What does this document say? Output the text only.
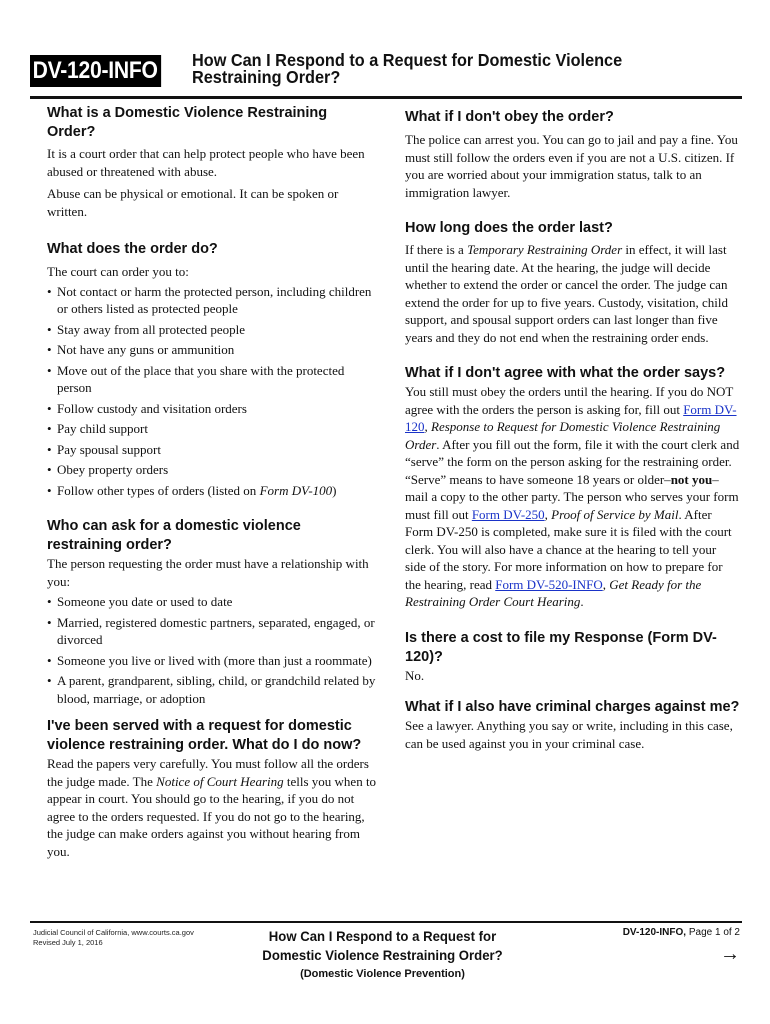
DV-120-INFO How Can I Respond to a Request for Domestic Violence
Restraining Order?
What is a Domestic Violence Restraining Order?

It is a court order that can help protect people who have been abused or threatened with abuse.

Abuse can be physical or emotional. It can be spoken or written.

What does the order do?

The court can order you to:

• Not contact or harm the protected person, including children or others listed as protected people
• Stay away from all protected people
• Not have any guns or ammunition
• Move out of the place that you share with the protected person
• Follow custody and visitation orders
• Pay child support
• Pay spousal support
• Obey property orders
• Follow other types of orders (listed on Form DV-100)
Who can ask for a domestic violence restraining order?

The person requesting the order must have a relationship with you:

• Someone you date or used to date
• Married, registered domestic partners, separated, engaged, or divorced
• Someone you live or lived with (more than just a roommate)
• A parent, grandparent, sibling, child, or grandchild related by blood, marriage, or adoption
I've been served with a request for domestic violence restraining order. What do I do now?

Read the papers very carefully. You must follow all the orders the judge made. The Notice of Court Hearing tells you when to appear in court. You should go to the hearing, if you do not agree to the orders requested. If you do not go to the hearing, the judge can make orders against you without hearing from you.

What if I don't obey the order?

The police can arrest you. You can go to jail and pay a fine. You must still follow the orders even if you are not a U.S. citizen. If you are worried about your immigration status, talk to an immigration lawyer.

How long does the order last?

If there is a Temporary Restraining Order in effect, it will last until the hearing date. At the hearing, the judge will decide whether to extend the order or cancel the order. The judge can extend the order for up to five years. Custody, visitation, child support, and spousal support orders can last longer than five years and they do not end when the restraining order ends.

What if I don't agree with what the order says?

You still must obey the orders until the hearing. If you do NOT agree with the orders the person is asking for, fill out Form DV-120, Response to Request for Domestic Violence Restraining Order. After you fill out the form, file it with the court clerk and “serve” the form on the person asking for the restraining order. “Serve” means to have someone 18 years or older–not you–mail a copy to the other party. The person who serves your form must fill out Form DV-250, Proof of Service by Mail. After Form DV-250 is completed, make sure it is filed with the court clerk. You will also have a chance at the hearing to tell your side of the story. For more information on how to prepare for the hearing, read Form DV-520-INFO, Get Ready for the Restraining Order Court Hearing.

Is there a cost to file my Response (Form DV-120)?

No.

What if I also have criminal charges against me?

See a lawyer. Anything you say or write, including in this case, can be used against you in your criminal case.

Judicial Council of California, www.courts.ca.gov
Revised July 1, 2016	How Can I Respond to a Request for
Domestic Violence Restraining Order?
(Domestic Violence Prevention)
DV-120-INFO, Page 1 of 2
→
